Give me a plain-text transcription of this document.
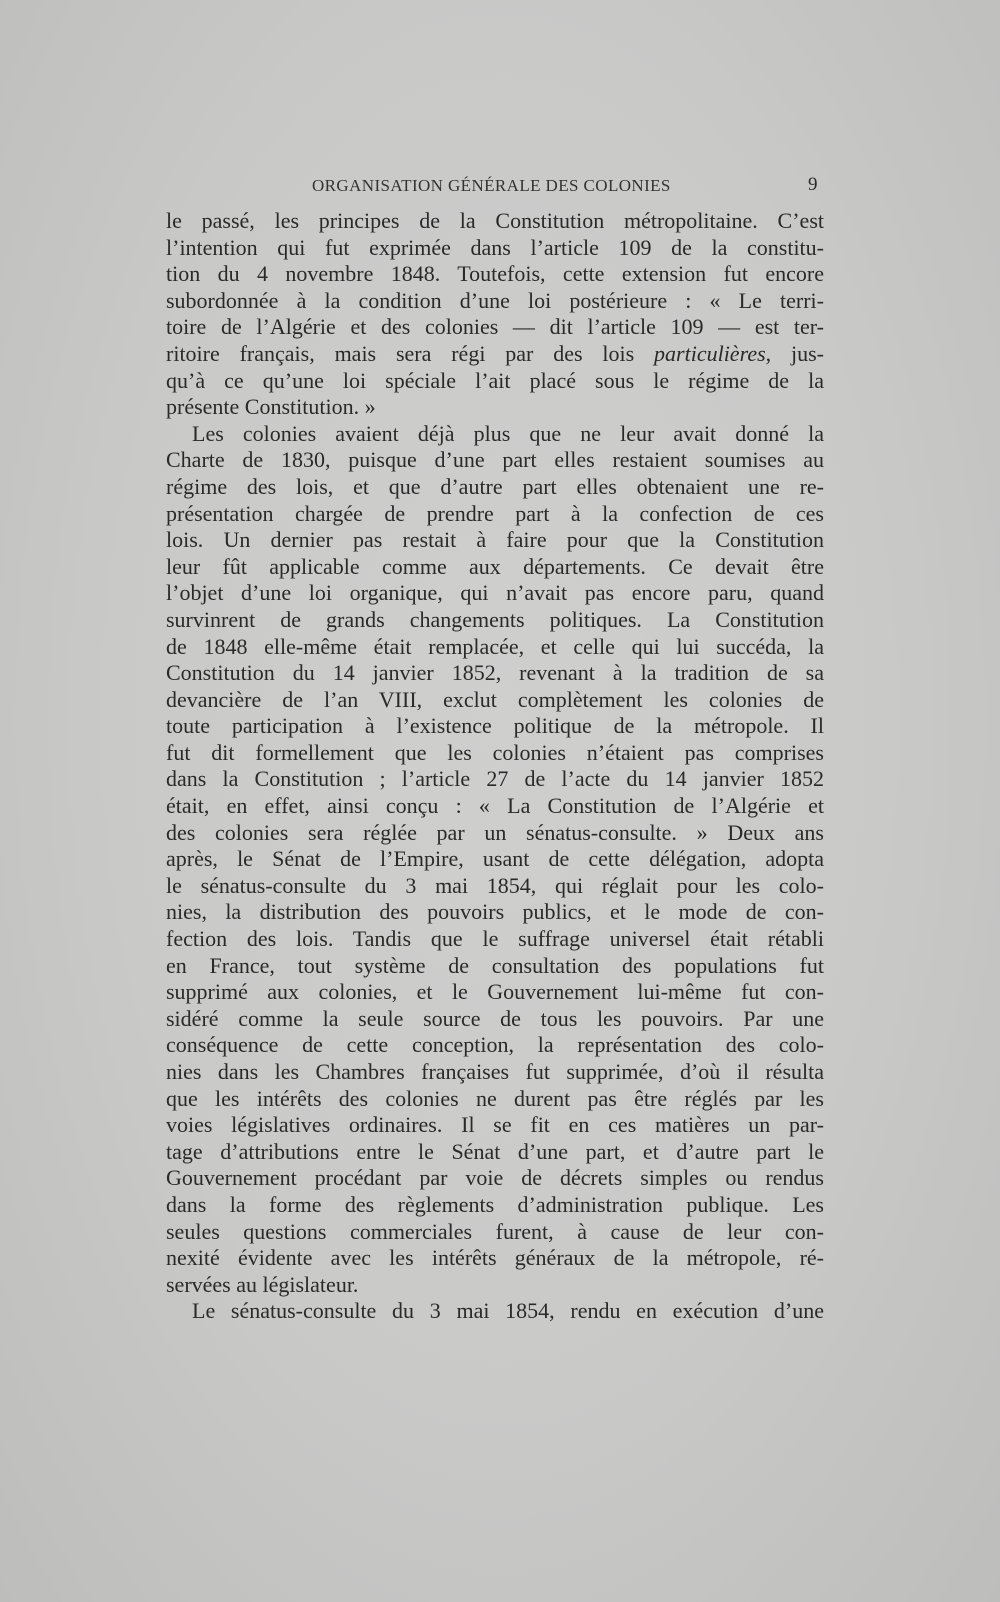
ORGANISATION GÉNÉRALE DES COLONIES	9
le passé, les principes de la Constitution métropolitaine. C’est
l’intention qui fut exprimée dans l’article 109 de la constitu-
tion du 4 novembre 1848. Toutefois, cette extension fut encore
subordonnée à la condition d’une loi postérieure : « Le terri-
toire de l’Algérie et des colonies — dit l’article 109 — est ter-
ritoire français, mais sera régi par des lois particulières, jus-
qu’à ce qu’une loi spéciale l’ait placé sous le régime de la
présente Constitution. »
Les colonies avaient déjà plus que ne leur avait donné la
Charte de 1830, puisque d’une part elles restaient soumises au
régime des lois, et que d’autre part elles obtenaient une re-
présentation chargée de prendre part à la confection de ces
lois. Un dernier pas restait à faire pour que la Constitution
leur fût applicable comme aux départements. Ce devait être
l’objet d’une loi organique, qui n’avait pas encore paru, quand
survinrent de grands changements politiques. La Constitution
de 1848 elle-même était remplacée, et celle qui lui succéda, la
Constitution du 14 janvier 1852, revenant à la tradition de sa
devancière de l’an VIII, exclut complètement les colonies de
toute participation à l’existence politique de la métropole. Il
fut dit formellement que les colonies n’étaient pas comprises
dans la Constitution ; l’article 27 de l’acte du 14 janvier 1852
était, en effet, ainsi conçu : « La Constitution de l’Algérie et
des colonies sera réglée par un sénatus-consulte. » Deux ans
après, le Sénat de l’Empire, usant de cette délégation, adopta
le sénatus-consulte du 3 mai 1854, qui réglait pour les colo-
nies, la distribution des pouvoirs publics, et le mode de con-
fection des lois. Tandis que le suffrage universel était rétabli
en France, tout système de consultation des populations fut
supprimé aux colonies, et le Gouvernement lui-même fut con-
sidéré comme la seule source de tous les pouvoirs. Par une
conséquence de cette conception, la représentation des colo-
nies dans les Chambres françaises fut supprimée, d’où il résulta
que les intérêts des colonies ne durent pas être réglés par les
voies législatives ordinaires. Il se fit en ces matières un par-
tage d’attributions entre le Sénat d’une part, et d’autre part le
Gouvernement procédant par voie de décrets simples ou rendus
dans la forme des règlements d’administration publique. Les
seules questions commerciales furent, à cause de leur con-
nexité évidente avec les intérêts généraux de la métropole, ré-
servées au législateur.
Le sénatus-consulte du 3 mai 1854, rendu en exécution d’une
